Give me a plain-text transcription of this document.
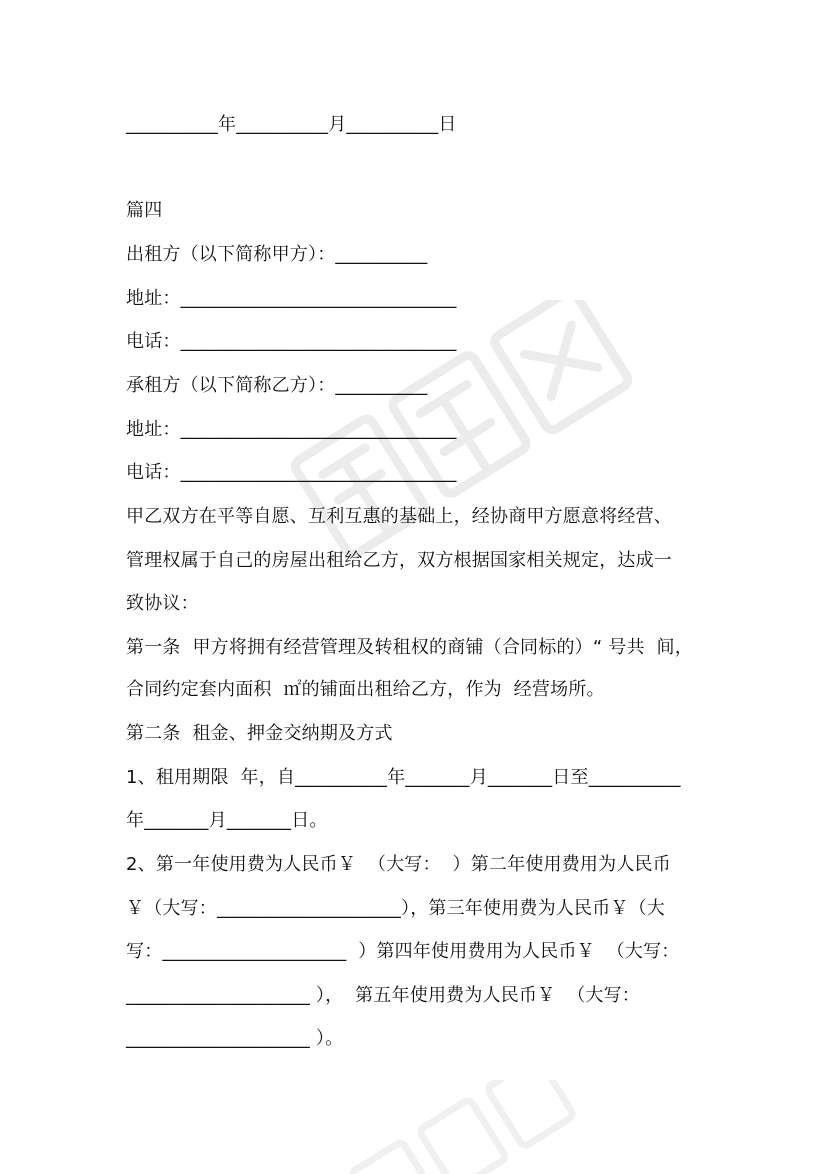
__________年__________月__________日
篇四
出租方（以下简称甲方）：__________
地址：______________________________
电话：______________________________
承租方（以下简称乙方）：__________
地址：______________________________
电话：______________________________
甲乙双方在平等自愿、互利互惠的基础上，经协商甲方愿意将经营、
管理权属于自己的房屋出租给乙方，双方根据国家相关规定，达成一
致协议：
第一条  甲方将拥有经营管理及转租权的商铺（合同标的）“ 号共  间，
合同约定套内面积  ㎡的铺面出租给乙方，作为  经营场所。
第二条  租金、押金交纳期及方式
1、租用期限  年，自__________年_______月_______日至__________
年_______月_______日。
2、第一年使用费为人民币￥  （大写：  ）第二年使用费用为人民币
￥（大写：____________________），第三年使用费为人民币￥（大
写：____________________  ）第四年使用费用为人民币￥  （大写：
____________________ ），  第五年使用费为人民币￥  （大写：
____________________ ）。
